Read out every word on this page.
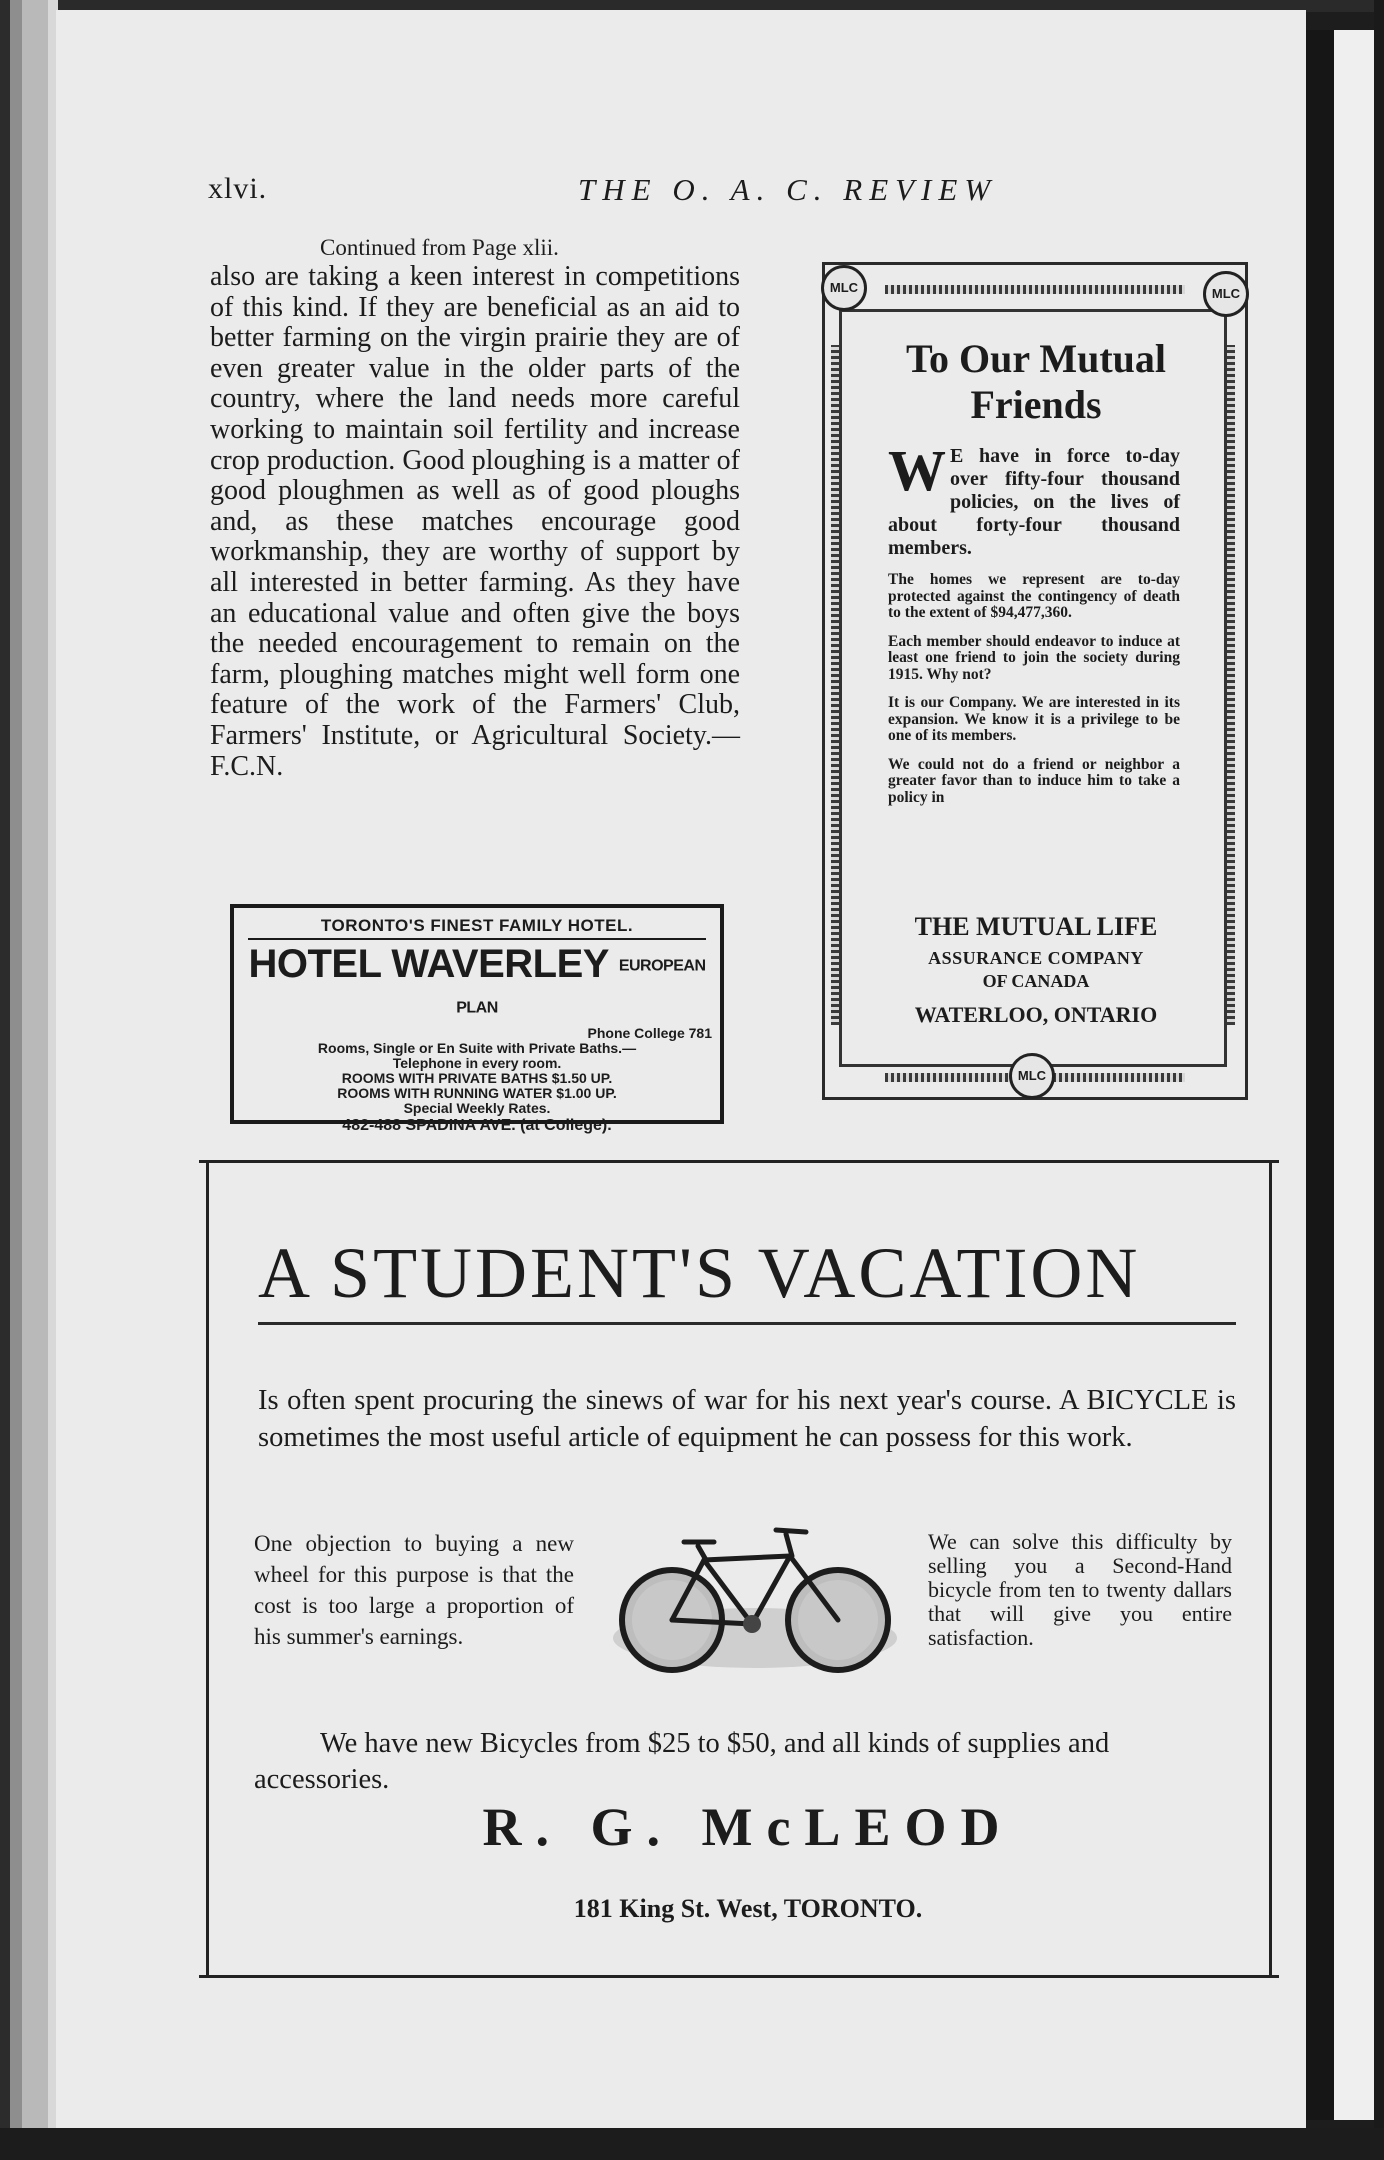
xlvi.	THE O. A. C. REVIEW
Continued from Page xlii.
also are taking a keen interest in competitions of this kind. If they are beneficial as an aid to better farming on the virgin prairie they are of even greater value in the older parts of the country, where the land needs more careful working to maintain soil fertility and increase crop production. Good ploughing is a matter of good ploughmen as well as of good ploughs and, as these matches encourage good workmanship, they are worthy of support by all interested in better farming. As they have an educational value and often give the boys the needed encouragement to remain on the farm, ploughing matches might well form one feature of the work of the Farmers' Club, Farmers' Institute, or Agricultural Society.—F.C.N.
TORONTO'S FINEST FAMILY HOTEL.
HOTEL WAVERLEY EUROPEAN PLAN
Phone College 781
Rooms, Single or En Suite with Private Baths.—
Telephone in every room.
ROOMS WITH PRIVATE BATHS $1.50 UP.
ROOMS WITH RUNNING WATER $1.00 UP.
Special Weekly Rates.
482-488 SPADINA AVE. (at College).
MLC	MLC
MLC
To Our Mutual Friends
W E have in force to-day over fifty-four thousand policies, on the lives of about forty-four thousand members.
The homes we represent are to-day protected against the contingency of death to the extent of $94,477,360.
Each member should endeavor to induce at least one friend to join the society during 1915. Why not?
It is our Company. We are interested in its expansion. We know it is a privilege to be one of its members.
We could not do a friend or neighbor a greater favor than to induce him to take a policy in
THE MUTUAL LIFE
ASSURANCE COMPANY
OF CANADA
WATERLOO, ONTARIO
A STUDENT'S VACATION
Is often spent procuring the sinews of war for his next year's course. A BICYCLE is sometimes the most useful article of equipment he can possess for this work.
One objection to buying a new wheel for this purpose is that the cost is too large a proportion of his summer's earnings.
We can solve this difficulty by selling you a Second-Hand bicycle from ten to twenty dallars that will give you entire satisfaction.
We have new Bicycles from $25 to $50, and all kinds of supplies and accessories.
R. G. McLEOD
181 King St. West, TORONTO.
